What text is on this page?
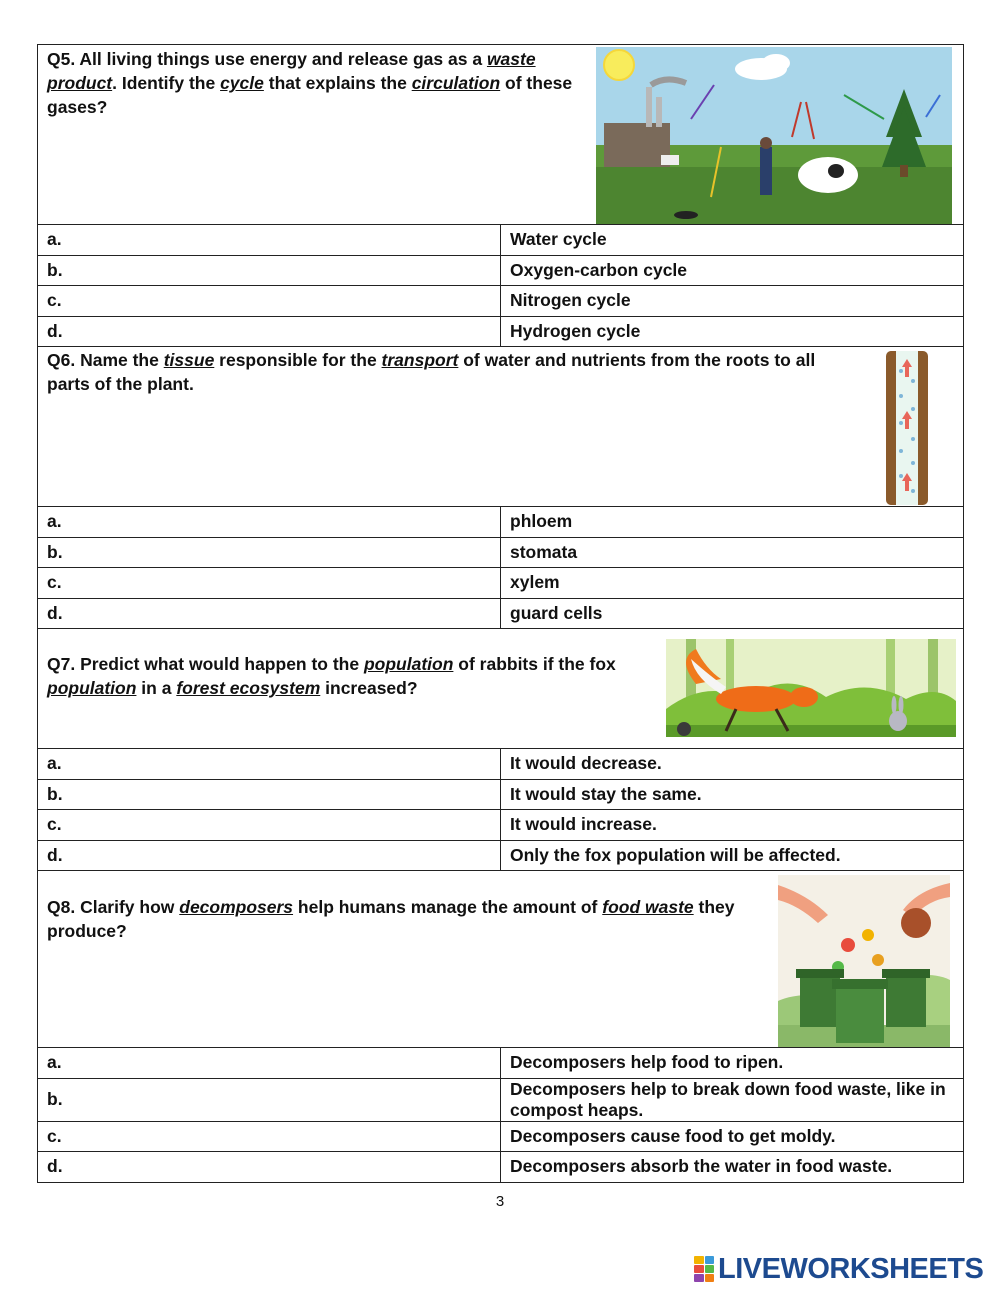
Q5. All living things use energy and release gas as a waste product. Identify the cycle that explains the circulation of these gases?	

a.	Water cycle
b.	Oxygen-carbon cycle
c.	Nitrogen cycle
d.	Hydrogen cycle

Q6. Name the tissue responsible for the transport of water and nutrients from the roots to all parts of the plant.	

a.	phloem
b.	stomata
c.	xylem
d.	guard cells

Q7. Predict what would happen to the population of rabbits if the fox population in a forest ecosystem increased?	

a.	It would decrease.
b.	It would stay the same.
c.	It would increase.
d.	Only the fox population will be affected.

Q8. Clarify how decomposers help humans manage the amount of food waste they produce?	

a.	Decomposers help food to ripen.
b.	Decomposers help to break down food waste, like in compost heaps.
c.	Decomposers cause food to get moldy.
d.	Decomposers absorb the water in food waste.
3
LIVEWORKSHEETS
